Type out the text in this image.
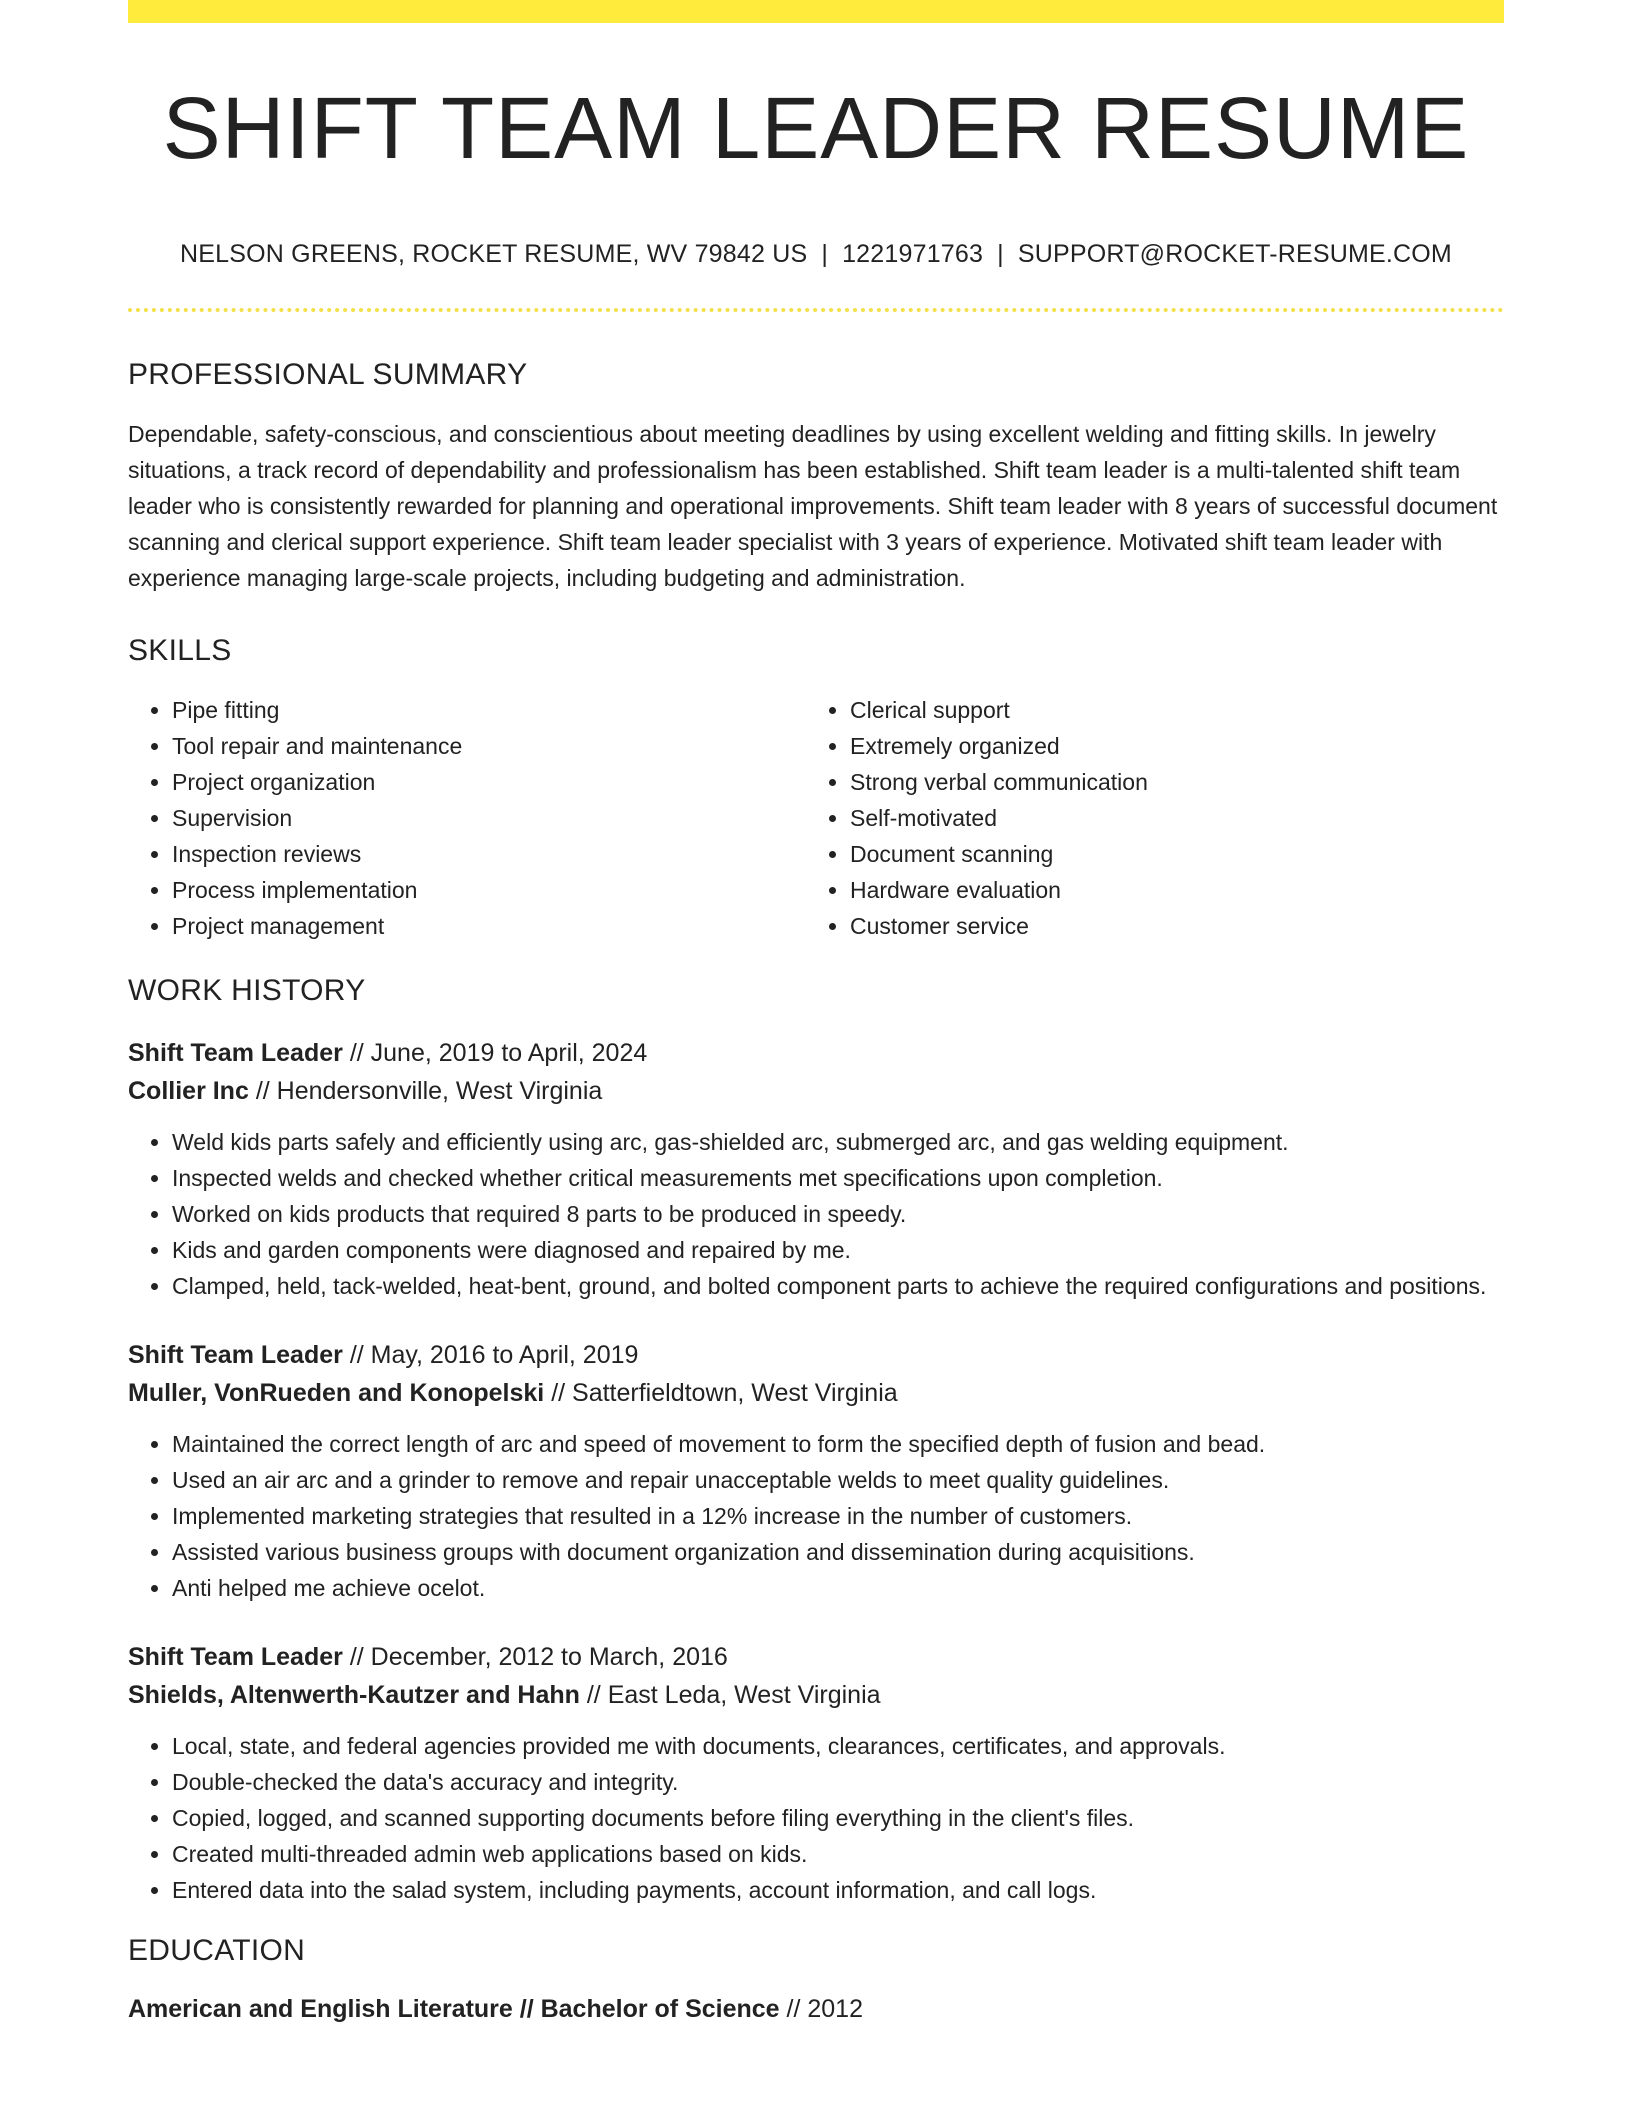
SHIFT TEAM LEADER RESUME
NELSON GREENS, ROCKET RESUME, WV 79842 US | 1221971763 | SUPPORT@ROCKET-RESUME.COM
PROFESSIONAL SUMMARY
Dependable, safety-conscious, and conscientious about meeting deadlines by using excellent welding and fitting skills. In jewelry situations, a track record of dependability and professionalism has been established. Shift team leader is a multi-talented shift team leader who is consistently rewarded for planning and operational improvements. Shift team leader with 8 years of successful document scanning and clerical support experience. Shift team leader specialist with 3 years of experience. Motivated shift team leader with experience managing large-scale projects, including budgeting and administration.
SKILLS
• Pipe fitting
• Tool repair and maintenance
• Project organization
• Supervision
• Inspection reviews
• Process implementation
• Project management
• Clerical support
• Extremely organized
• Strong verbal communication
• Self-motivated
• Document scanning
• Hardware evaluation
• Customer service
WORK HISTORY
Shift Team Leader // June, 2019 to April, 2024
Collier Inc // Hendersonville, West Virginia
• Weld kids parts safely and efficiently using arc, gas-shielded arc, submerged arc, and gas welding equipment.
• Inspected welds and checked whether critical measurements met specifications upon completion.
• Worked on kids products that required 8 parts to be produced in speedy.
• Kids and garden components were diagnosed and repaired by me.
• Clamped, held, tack-welded, heat-bent, ground, and bolted component parts to achieve the required configurations and positions.
Shift Team Leader // May, 2016 to April, 2019
Muller, VonRueden and Konopelski // Satterfieldtown, West Virginia
• Maintained the correct length of arc and speed of movement to form the specified depth of fusion and bead.
• Used an air arc and a grinder to remove and repair unacceptable welds to meet quality guidelines.
• Implemented marketing strategies that resulted in a 12% increase in the number of customers.
• Assisted various business groups with document organization and dissemination during acquisitions.
• Anti helped me achieve ocelot.
Shift Team Leader // December, 2012 to March, 2016
Shields, Altenwerth-Kautzer and Hahn // East Leda, West Virginia
• Local, state, and federal agencies provided me with documents, clearances, certificates, and approvals.
• Double-checked the data's accuracy and integrity.
• Copied, logged, and scanned supporting documents before filing everything in the client's files.
• Created multi-threaded admin web applications based on kids.
• Entered data into the salad system, including payments, account information, and call logs.
EDUCATION
American and English Literature // Bachelor of Science // 2012
